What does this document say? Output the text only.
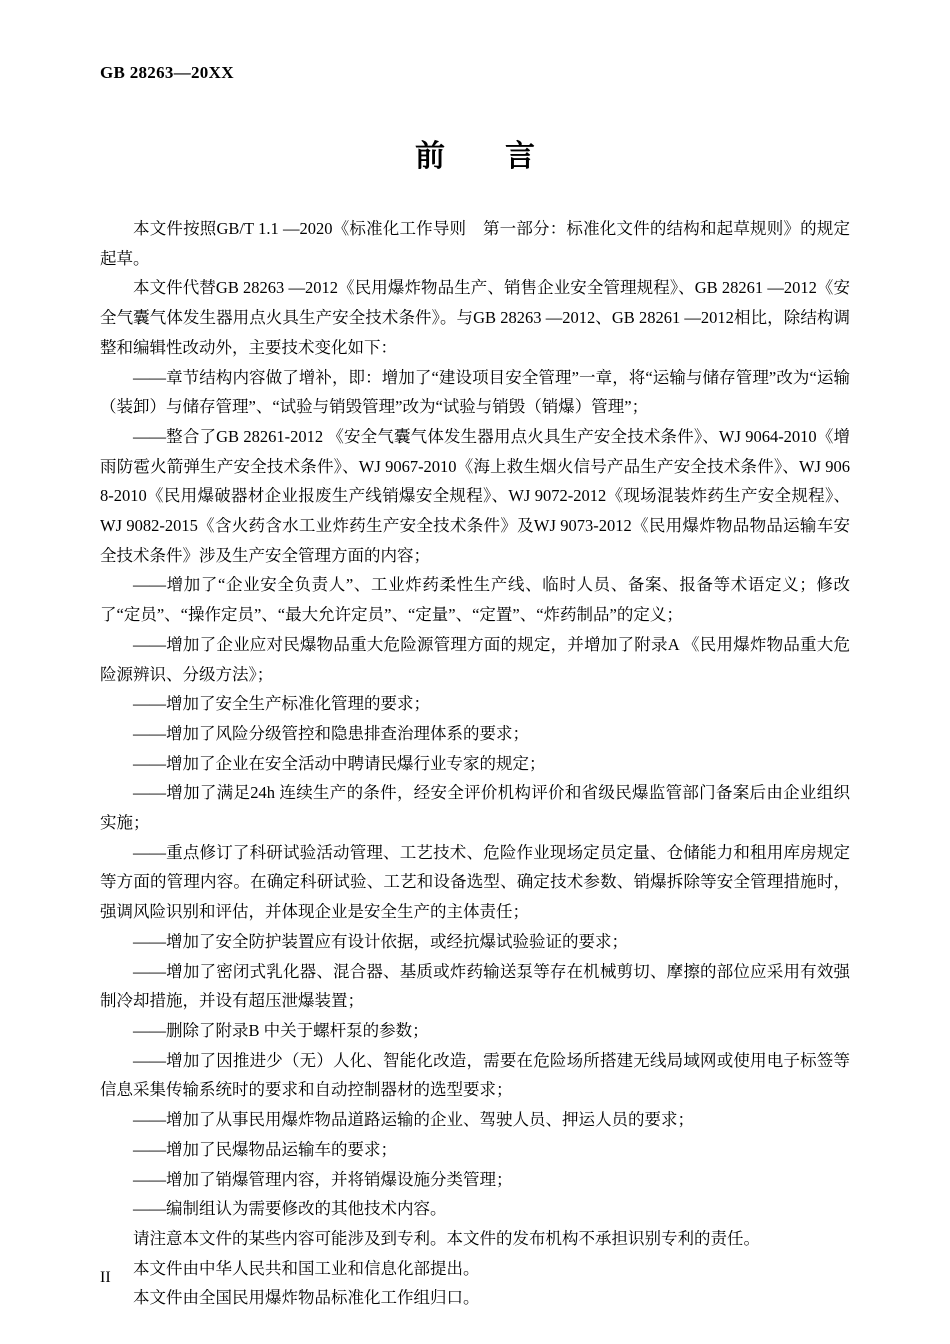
GB 28263—20XX
前　　言

本文件按照GB/T 1.1 —2020《标准化工作导则　第一部分：标准化文件的结构和起草规则》的规定起草。

本文件代替GB 28263 —2012《民用爆炸物品生产、销售企业安全管理规程》、GB 28261 —2012《安全气囊气体发生器用点火具生产安全技术条件》。与GB 28263 —2012、GB 28261 —2012相比，除结构调整和编辑性改动外，主要技术变化如下：

——章节结构内容做了增补，即：增加了“建设项目安全管理”一章，将“运输与储存管理”改为“运输（装卸）与储存管理”、“试验与销毁管理”改为“试验与销毁（销爆）管理”；

——整合了GB 28261-2012 《安全气囊气体发生器用点火具生产安全技术条件》、WJ 9064-2010《增雨防雹火箭弹生产安全技术条件》、WJ 9067-2010《海上救生烟火信号产品生产安全技术条件》、WJ 9068-2010《民用爆破器材企业报废生产线销爆安全规程》、WJ 9072-2012《现场混装炸药生产安全规程》、WJ 9082-2015《含火药含水工业炸药生产安全技术条件》及WJ 9073-2012《民用爆炸物品物品运输车安全技术条件》涉及生产安全管理方面的内容；

——增加了“企业安全负责人”、工业炸药柔性生产线、临时人员、备案、报备等术语定义；修改了“定员”、“操作定员”、“最大允许定员”、“定量”、“定置”、“炸药制品”的定义；

——增加了企业应对民爆物品重大危险源管理方面的规定，并增加了附录A 《民用爆炸物品重大危险源辨识、分级方法》；

——增加了安全生产标准化管理的要求；

——增加了风险分级管控和隐患排查治理体系的要求；

——增加了企业在安全活动中聘请民爆行业专家的规定；

——增加了满足24h 连续生产的条件，经安全评价机构评价和省级民爆监管部门备案后由企业组织实施；

——重点修订了科研试验活动管理、工艺技术、危险作业现场定员定量、仓储能力和租用库房规定等方面的管理内容。在确定科研试验、工艺和设备选型、确定技术参数、销爆拆除等安全管理措施时，强调风险识别和评估，并体现企业是安全生产的主体责任；

——增加了安全防护装置应有设计依据，或经抗爆试验验证的要求；

——增加了密闭式乳化器、混合器、基质或炸药输送泵等存在机械剪切、摩擦的部位应采用有效强制冷却措施，并设有超压泄爆装置；

——删除了附录B 中关于螺杆泵的参数；

——增加了因推进少（无）人化、智能化改造，需要在危险场所搭建无线局域网或使用电子标签等信息采集传输系统时的要求和自动控制器材的选型要求；

——增加了从事民用爆炸物品道路运输的企业、驾驶人员、押运人员的要求；

——增加了民爆物品运输车的要求；

——增加了销爆管理内容，并将销爆设施分类管理；

——编制组认为需要修改的其他技术内容。

请注意本文件的某些内容可能涉及到专利。本文件的发布机构不承担识别专利的责任。

本文件由中华人民共和国工业和信息化部提出。

本文件由全国民用爆炸物品标准化工作组归口。

II
